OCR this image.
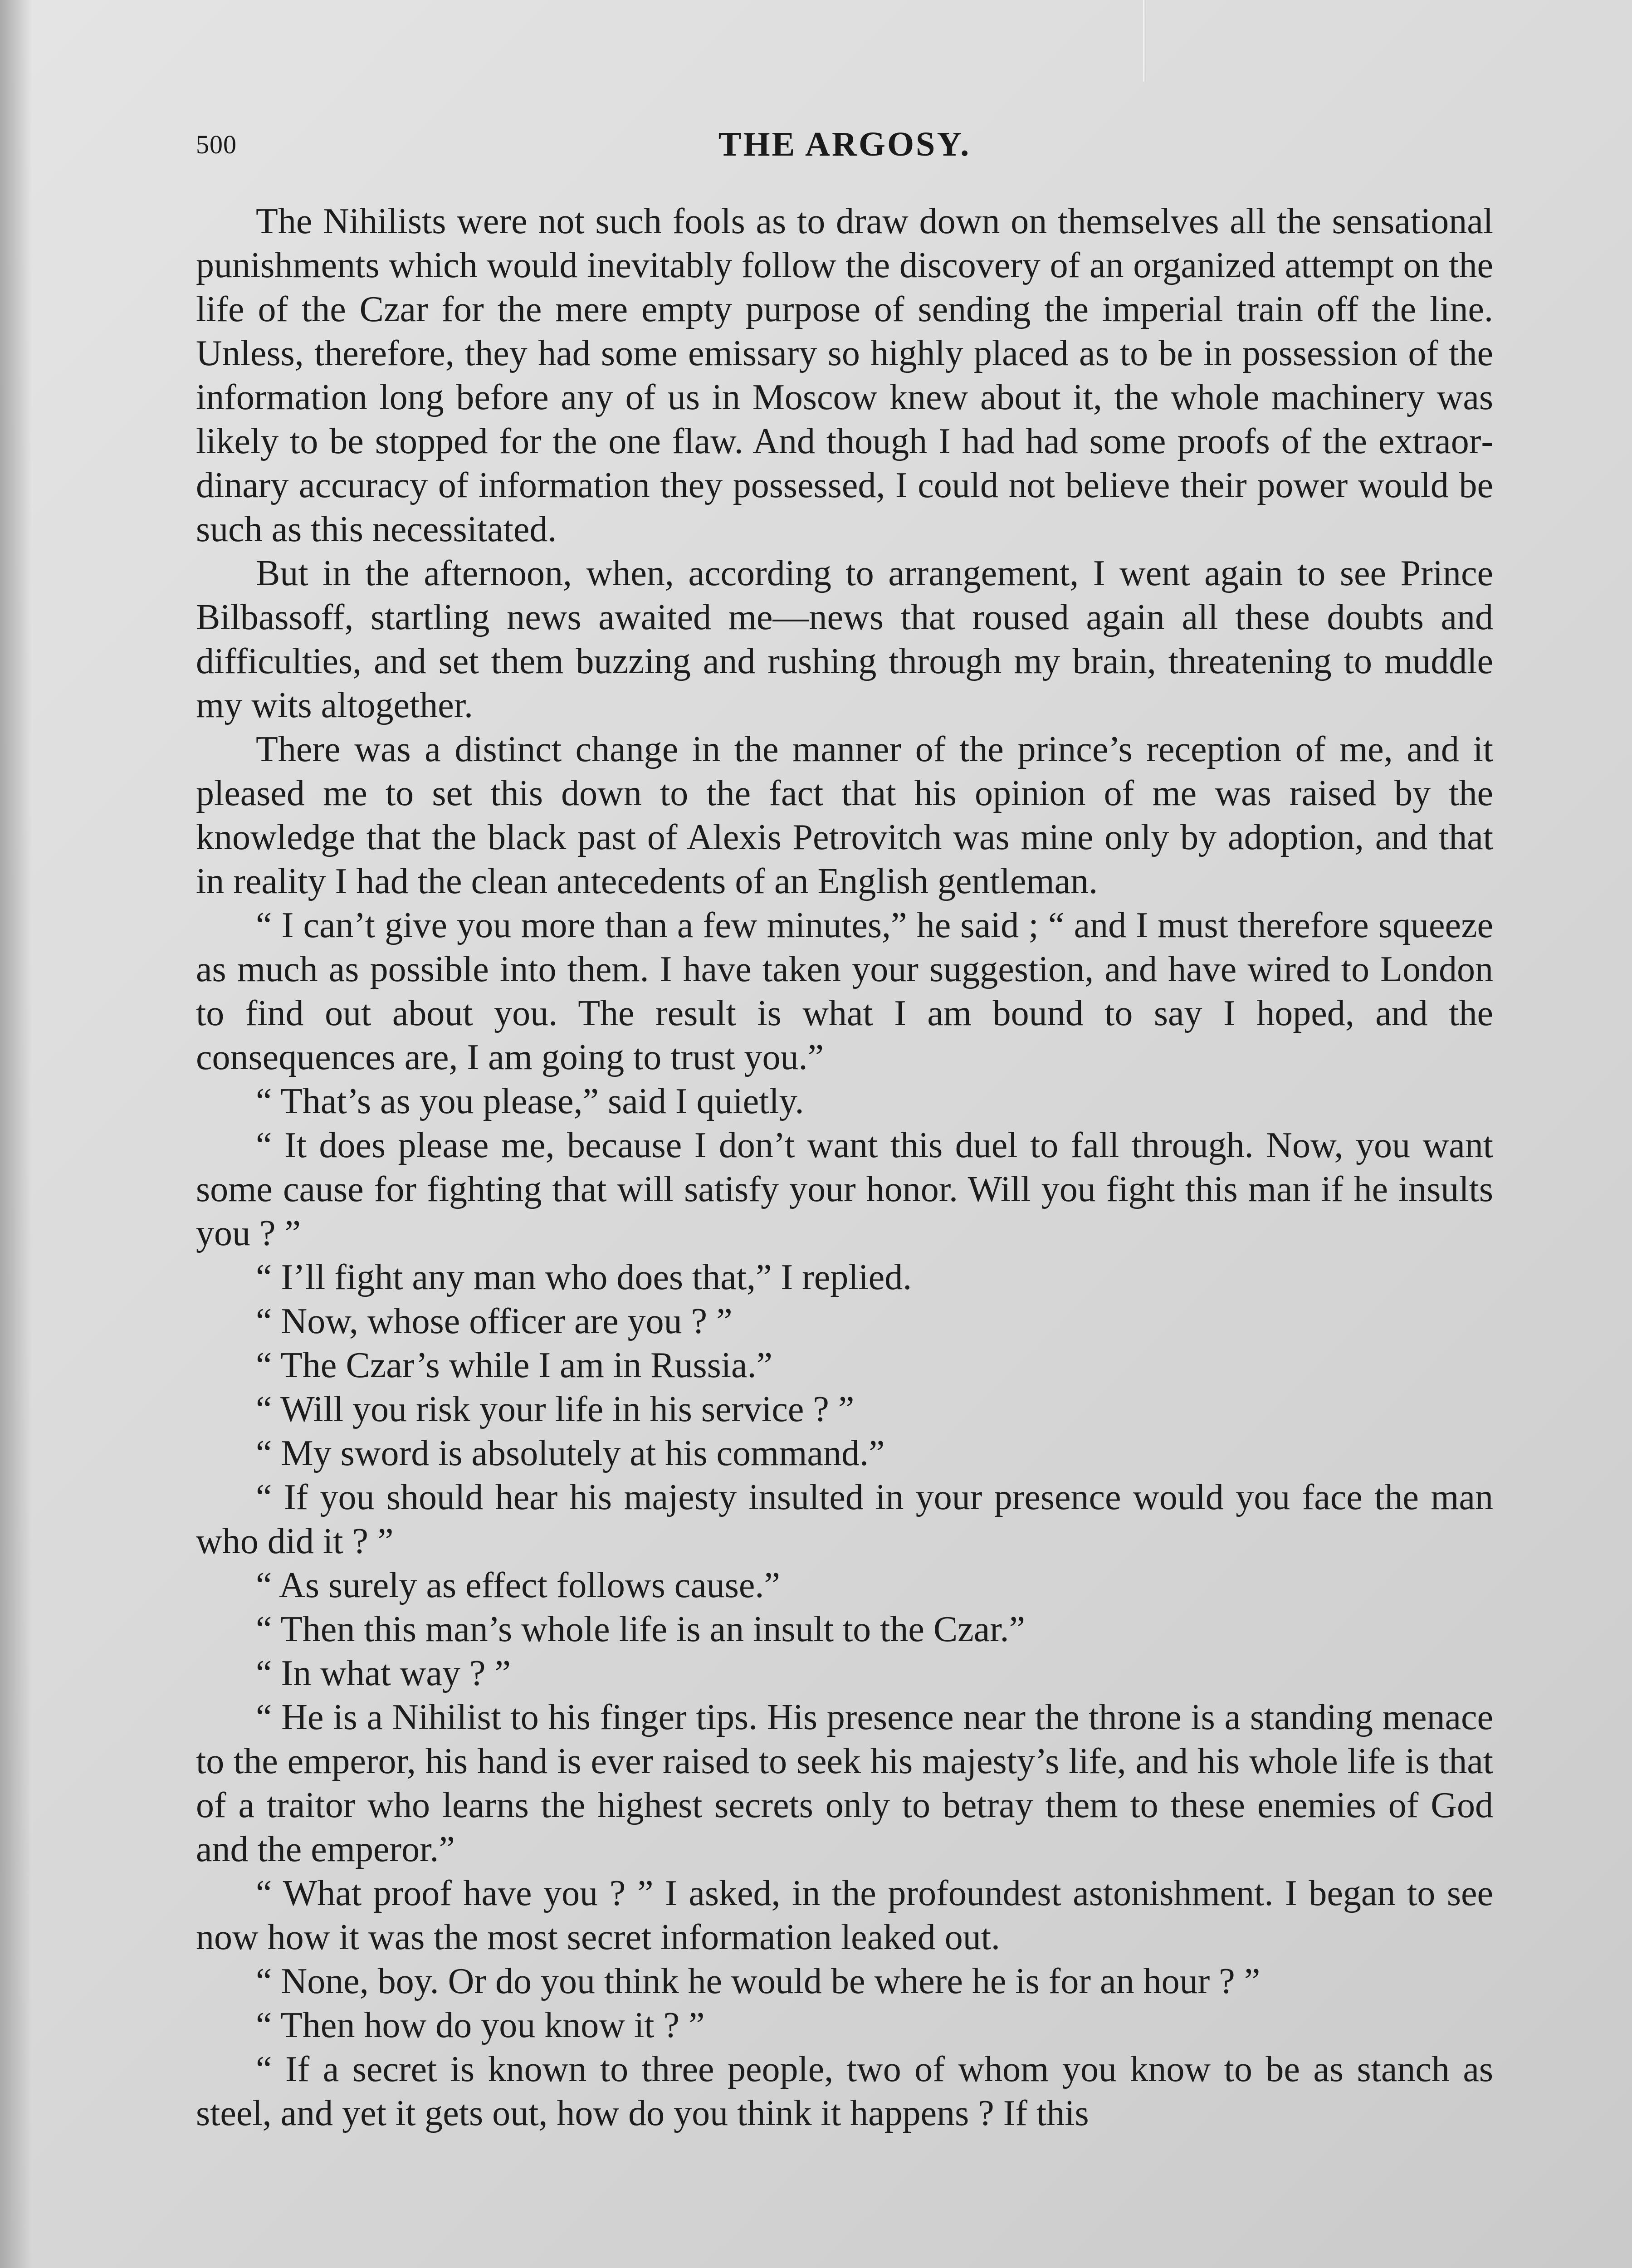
500	THE ARGOSY.

The Nihilists were not such fools as to draw down on themselves all the sensational punishments which would inevitably follow the discovery of an organized attempt on the life of the Czar for the mere empty purpose of sending the imperial train off the line. Unless, therefore, they had some emissary so highly placed as to be in possession of the information long before any of us in Moscow knew about it, the whole machinery was likely to be stopped for the one flaw. And though I had had some proofs of the extraordinary accuracy of information they possessed, I could not believe their power would be such as this necessitated.

But in the afternoon, when, according to arrangement, I went again to see Prince Bilbassoff, startling news awaited me—news that roused again all these doubts and difficulties, and set them buzzing and rushing through my brain, threatening to muddle my wits altogether.

There was a distinct change in the manner of the prince’s reception of me, and it pleased me to set this down to the fact that his opinion of me was raised by the knowledge that the black past of Alexis Petrovitch was mine only by adoption, and that in reality I had the clean antecedents of an English gentleman.

“ I can’t give you more than a few minutes,” he said ; “ and I must therefore squeeze as much as possible into them. I have taken your suggestion, and have wired to London to find out about you. The result is what I am bound to say I hoped, and the consequences are, I am going to trust you.”

“ That’s as you please,” said I quietly.

“ It does please me, because I don’t want this duel to fall through. Now, you want some cause for fighting that will satisfy your honor. Will you fight this man if he insults you ? ”

“ I’ll fight any man who does that,” I replied.

“ Now, whose officer are you ? ”

“ The Czar’s while I am in Russia.”

“ Will you risk your life in his service ? ”

“ My sword is absolutely at his command.”

“ If you should hear his majesty insulted in your presence would you face the man who did it ? ”

“ As surely as effect follows cause.”

“ Then this man’s whole life is an insult to the Czar.”

“ In what way ? ”

“ He is a Nihilist to his finger tips. His presence near the throne is a standing menace to the emperor, his hand is ever raised to seek his majesty’s life, and his whole life is that of a traitor who learns the highest secrets only to betray them to these enemies of God and the emperor.”

“ What proof have you ? ” I asked, in the profoundest astonishment. I began to see now how it was the most secret information leaked out.

“ None, boy. Or do you think he would be where he is for an hour ? ”

“ Then how do you know it ? ”

“ If a secret is known to three people, two of whom you know to be as stanch as steel, and yet it gets out, how do you think it happens ? If this
